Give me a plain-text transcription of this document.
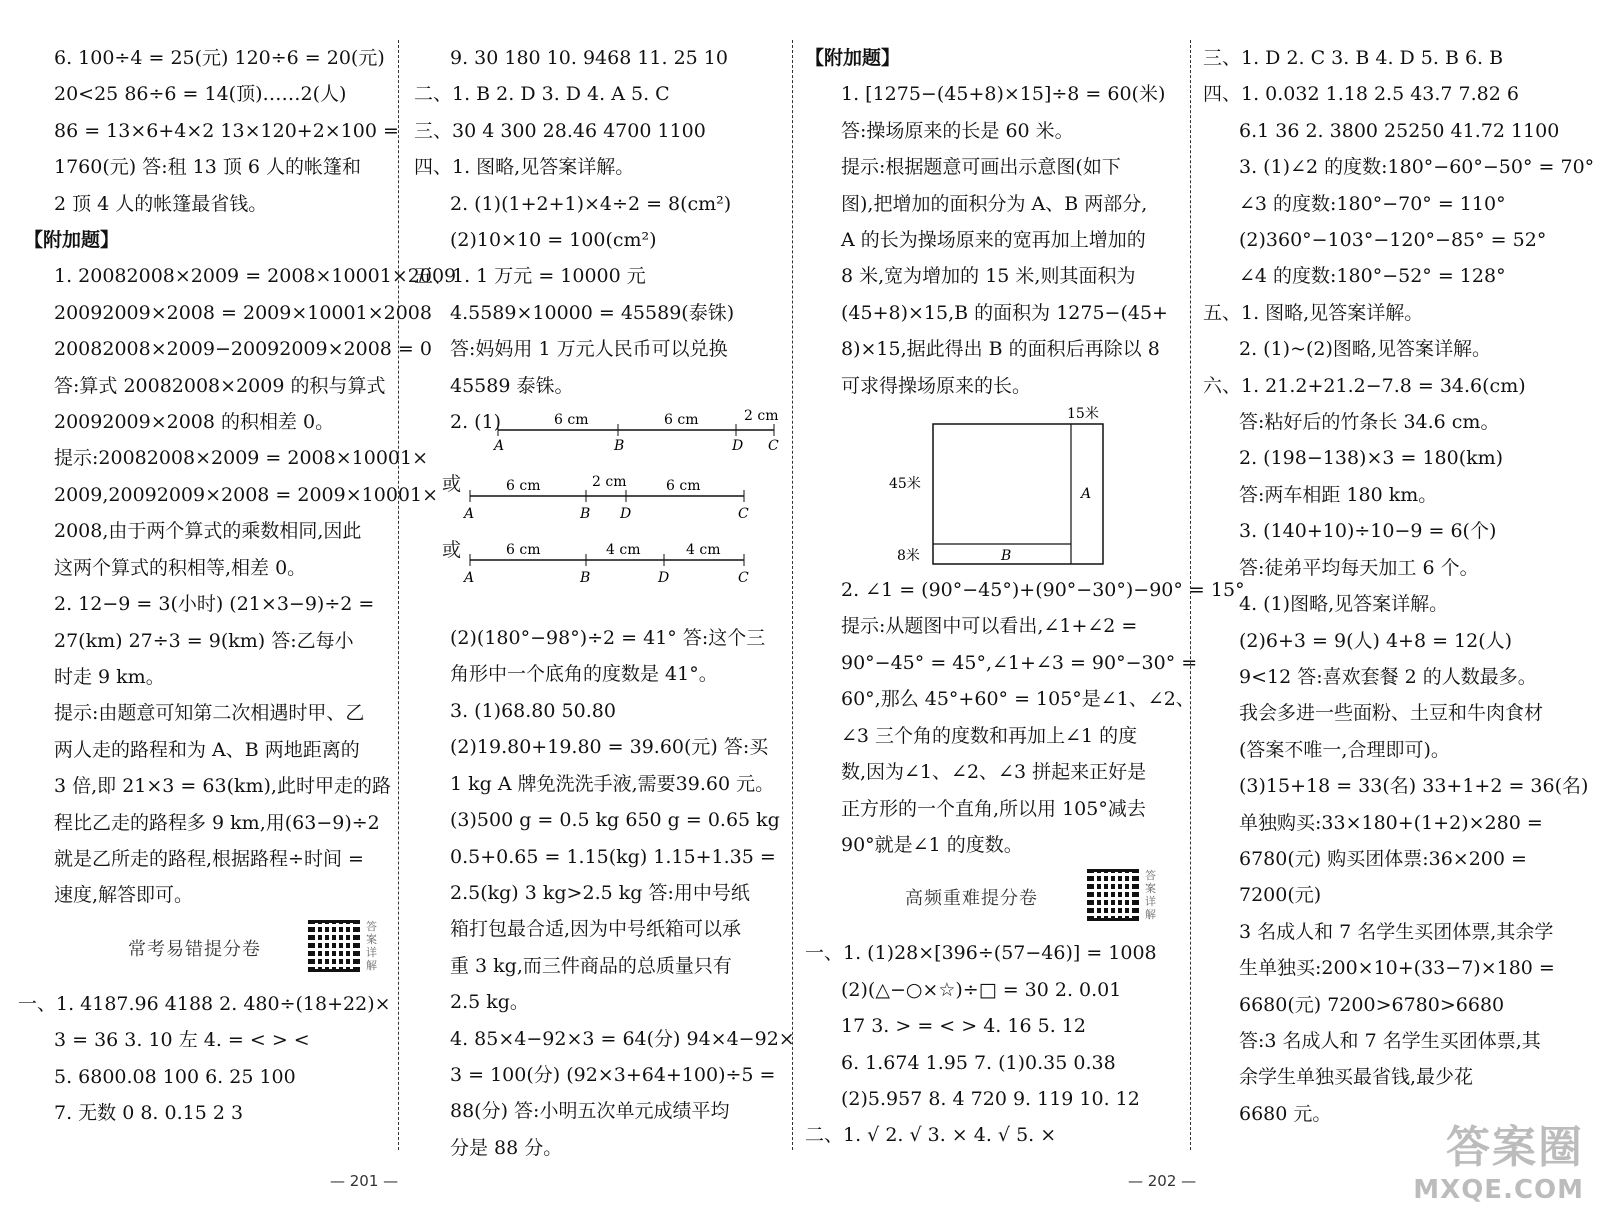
6. 100÷4 = 25(元) 120÷6 = 20(元)
20<25 86÷6 = 14(顶)……2(人)
86 = 13×6+4×2 13×120+2×100 =
1760(元) 答:租 13 顶 6 人的帐篷和
2 顶 4 人的帐篷最省钱。
【附加题】
1. 20082008×2009 = 2008×10001×2009
20092009×2008 = 2009×10001×2008
20082008×2009−20092009×2008 = 0
答:算式 20082008×2009 的积与算式
20092009×2008 的积相差 0。
提示:20082008×2009 = 2008×10001×
2009,20092009×2008 = 2009×10001×
2008,由于两个算式的乘数相同,因此
这两个算式的积相等,相差 0。
2. 12−9 = 3(小时) (21×3−9)÷2 =
27(km) 27÷3 = 9(km) 答:乙每小
时走 9 km。
提示:由题意可知第二次相遇时甲、乙
两人走的路程和为 A、B 两地距离的
3 倍,即 21×3 = 63(km),此时甲走的路
程比乙走的路程多 9 km,用(63−9)÷2
就是乙所走的路程,根据路程÷时间 =
速度,解答即可。
常考易错提分卷
答案详解
一、1. 4187.96 4188 2. 480÷(18+22)×
3 = 36 3. 10 左 4. = < > <
5. 6800.08 100 6. 25 100
7. 无数 0 8. 0.15 2 3
9. 30 180 10. 9468 11. 25 10
二、1. B 2. D 3. D 4. A 5. C
三、30 4 300 28.46 4700 1100
四、1. 图略,见答案详解。
2. (1)(1+2+1)×4÷2 = 8(cm²)
(2)10×10 = 100(cm²)
五、1. 1 万元 = 10000 元
4.5589×10000 = 45589(泰铢)
答:妈妈用 1 万元人民币可以兑换
45589 泰铢。
2. (1)
或
或
6 cm	6 cm	2 cm
A	B	D C
6 cm	2 cm	6 cm
A	B D	C
6 cm	4 cm	4 cm
A	B	D	C
(2)(180°−98°)÷2 = 41° 答:这个三
角形中一个底角的度数是 41°。
3. (1)68.80 50.80
(2)19.80+19.80 = 39.60(元) 答:买
1 kg A 牌免洗洗手液,需要39.60 元。
(3)500 g = 0.5 kg 650 g = 0.65 kg
0.5+0.65 = 1.15(kg) 1.15+1.35 =
2.5(kg) 3 kg>2.5 kg 答:用中号纸
箱打包最合适,因为中号纸箱可以承
重 3 kg,而三件商品的总质量只有
2.5 kg。
4. 85×4−92×3 = 64(分) 94×4−92×
3 = 100(分) (92×3+64+100)÷5 =
88(分) 答:小明五次单元成绩平均
分是 88 分。
【附加题】
1. [1275−(45+8)×15]÷8 = 60(米)
答:操场原来的长是 60 米。
提示:根据题意可画出示意图(如下
图),把增加的面积分为 A、B 两部分,
A 的长为操场原来的宽再加上增加的
8 米,宽为增加的 15 米,则其面积为
(45+8)×15,B 的面积为 1275−(45+
8)×15,据此得出 B 的面积后再除以 8
可求得操场原来的长。
15米
45米
8米
A
B
2. ∠1 = (90°−45°)+(90°−30°)−90° = 15°
提示:从题图中可以看出,∠1+∠2 =
90°−45° = 45°,∠1+∠3 = 90°−30° =
60°,那么 45°+60° = 105°是∠1、∠2、
∠3 三个角的度数和再加上∠1 的度
数,因为∠1、∠2、∠3 拼起来正好是
正方形的一个直角,所以用 105°减去
90°就是∠1 的度数。
高频重难提分卷
答案详解
一、1. (1)28×[396÷(57−46)] = 1008
(2)(△−○×☆)÷□ = 30 2. 0.01
17 3. > = < > 4. 16 5. 12
6. 1.674 1.95 7. (1)0.35 0.38
(2)5.957 8. 4 720 9. 119 10. 12
二、1. √ 2. √ 3. × 4. √ 5. ×
三、1. D 2. C 3. B 4. D 5. B 6. B
四、1. 0.032 1.18 2.5 43.7 7.82 6
6.1 36 2. 3800 25250 41.72 1100
3. (1)∠2 的度数:180°−60°−50° = 70°
∠3 的度数:180°−70° = 110°
(2)360°−103°−120°−85° = 52°
∠4 的度数:180°−52° = 128°
五、1. 图略,见答案详解。
2. (1)~(2)图略,见答案详解。
六、1. 21.2+21.2−7.8 = 34.6(cm)
答:粘好后的竹条长 34.6 cm。
2. (198−138)×3 = 180(km)
答:两车相距 180 km。
3. (140+10)÷10−9 = 6(个)
答:徒弟平均每天加工 6 个。
4. (1)图略,见答案详解。
(2)6+3 = 9(人) 4+8 = 12(人)
9<12 答:喜欢套餐 2 的人数最多。
我会多进一些面粉、土豆和牛肉食材
(答案不唯一,合理即可)。
(3)15+18 = 33(名) 33+1+2 = 36(名)
单独购买:33×180+(1+2)×280 =
6780(元) 购买团体票:36×200 =
7200(元)
3 名成人和 7 名学生买团体票,其余学
生单独买:200×10+(33−7)×180 =
6680(元) 7200>6780>6680
答:3 名成人和 7 名学生买团体票,其
余学生单独买最省钱,最少花
6680 元。
— 201 —	— 202 —
答案圈
MXQE.COM
